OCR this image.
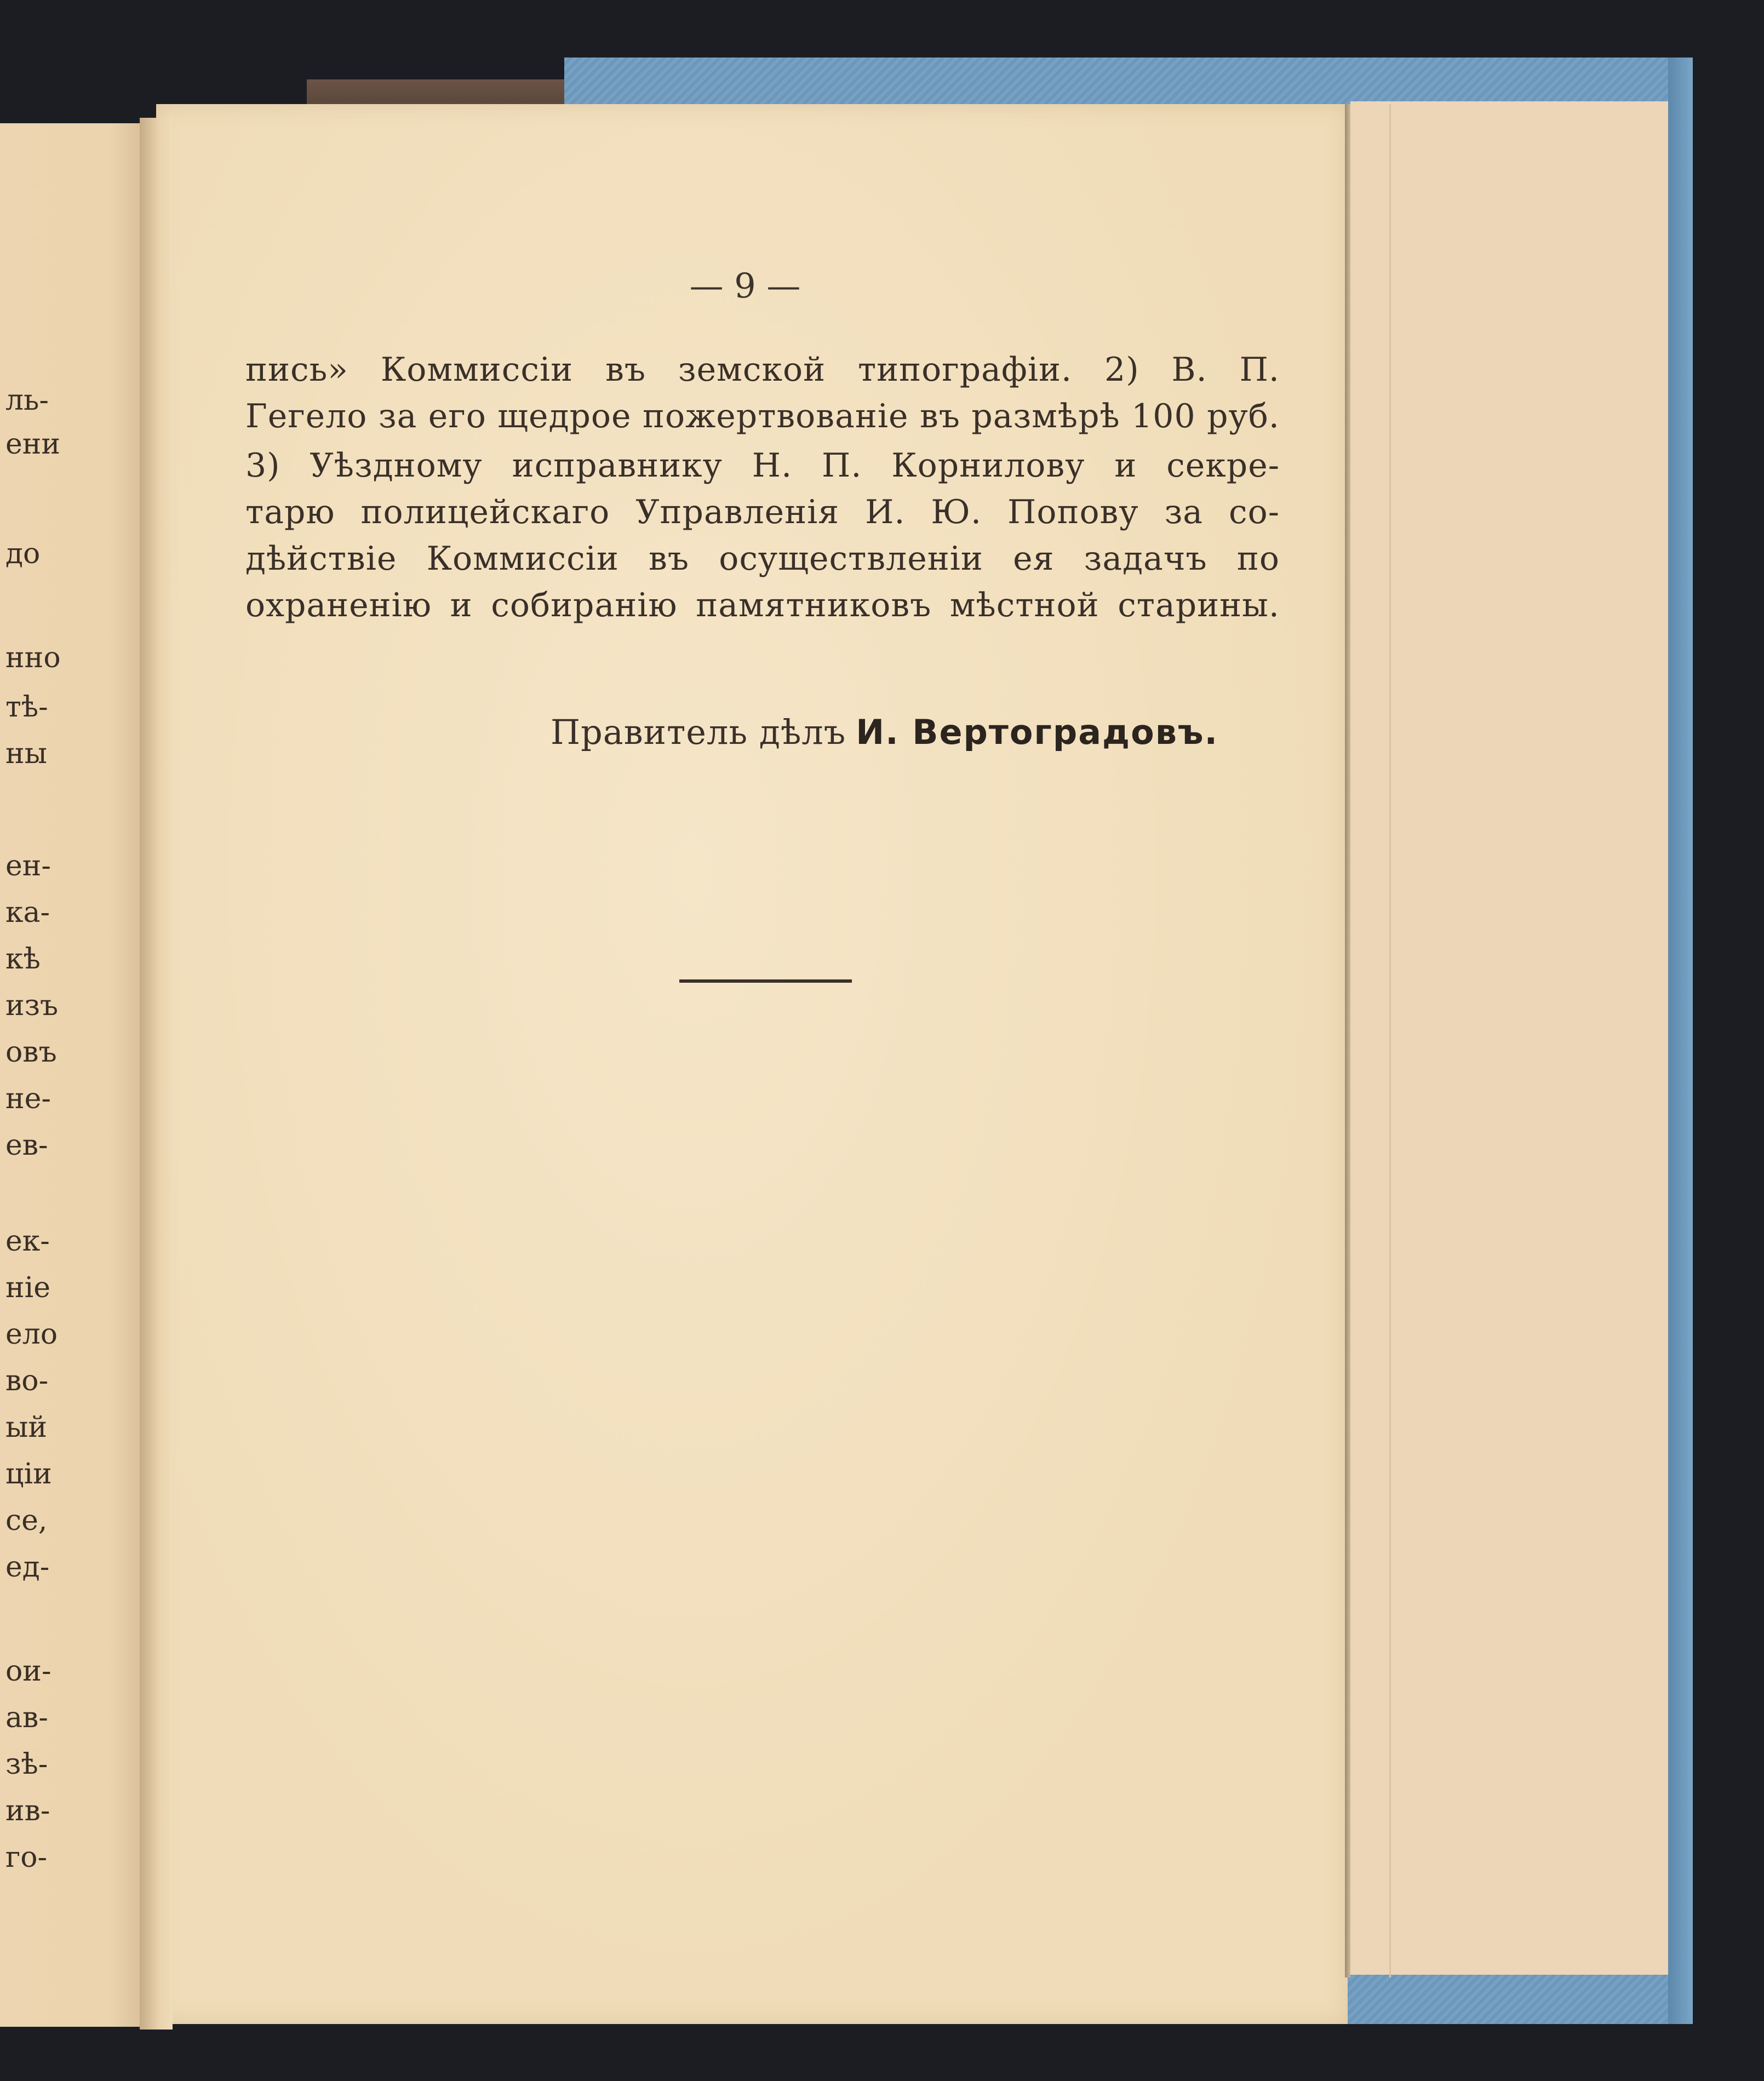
ль-
ени
до
нно
тѣ-
ны
ен-
ка-
кѣ
изъ
овъ
не-
ев-
ек-
ніе
ело
во-
ый
ціи
се,
ед-
ои-
ав-
зѣ-
ив-
го-
— 9 —
пись» Коммиссіи въ земской типографіи. 2) В. П.
Гегело за его щедрое пожертвованіе въ размѣрѣ 100 руб.
3) Уѣздному исправнику Н. П. Корнилову и секре-
тарю полицейскаго Управленія И. Ю. Попову за со-
дѣйствіе Коммиссіи въ осуществленіи ея задачъ по
охраненію и собиранію памятниковъ мѣстной старины.
Правитель дѣлъ И. Вертоградовъ.
